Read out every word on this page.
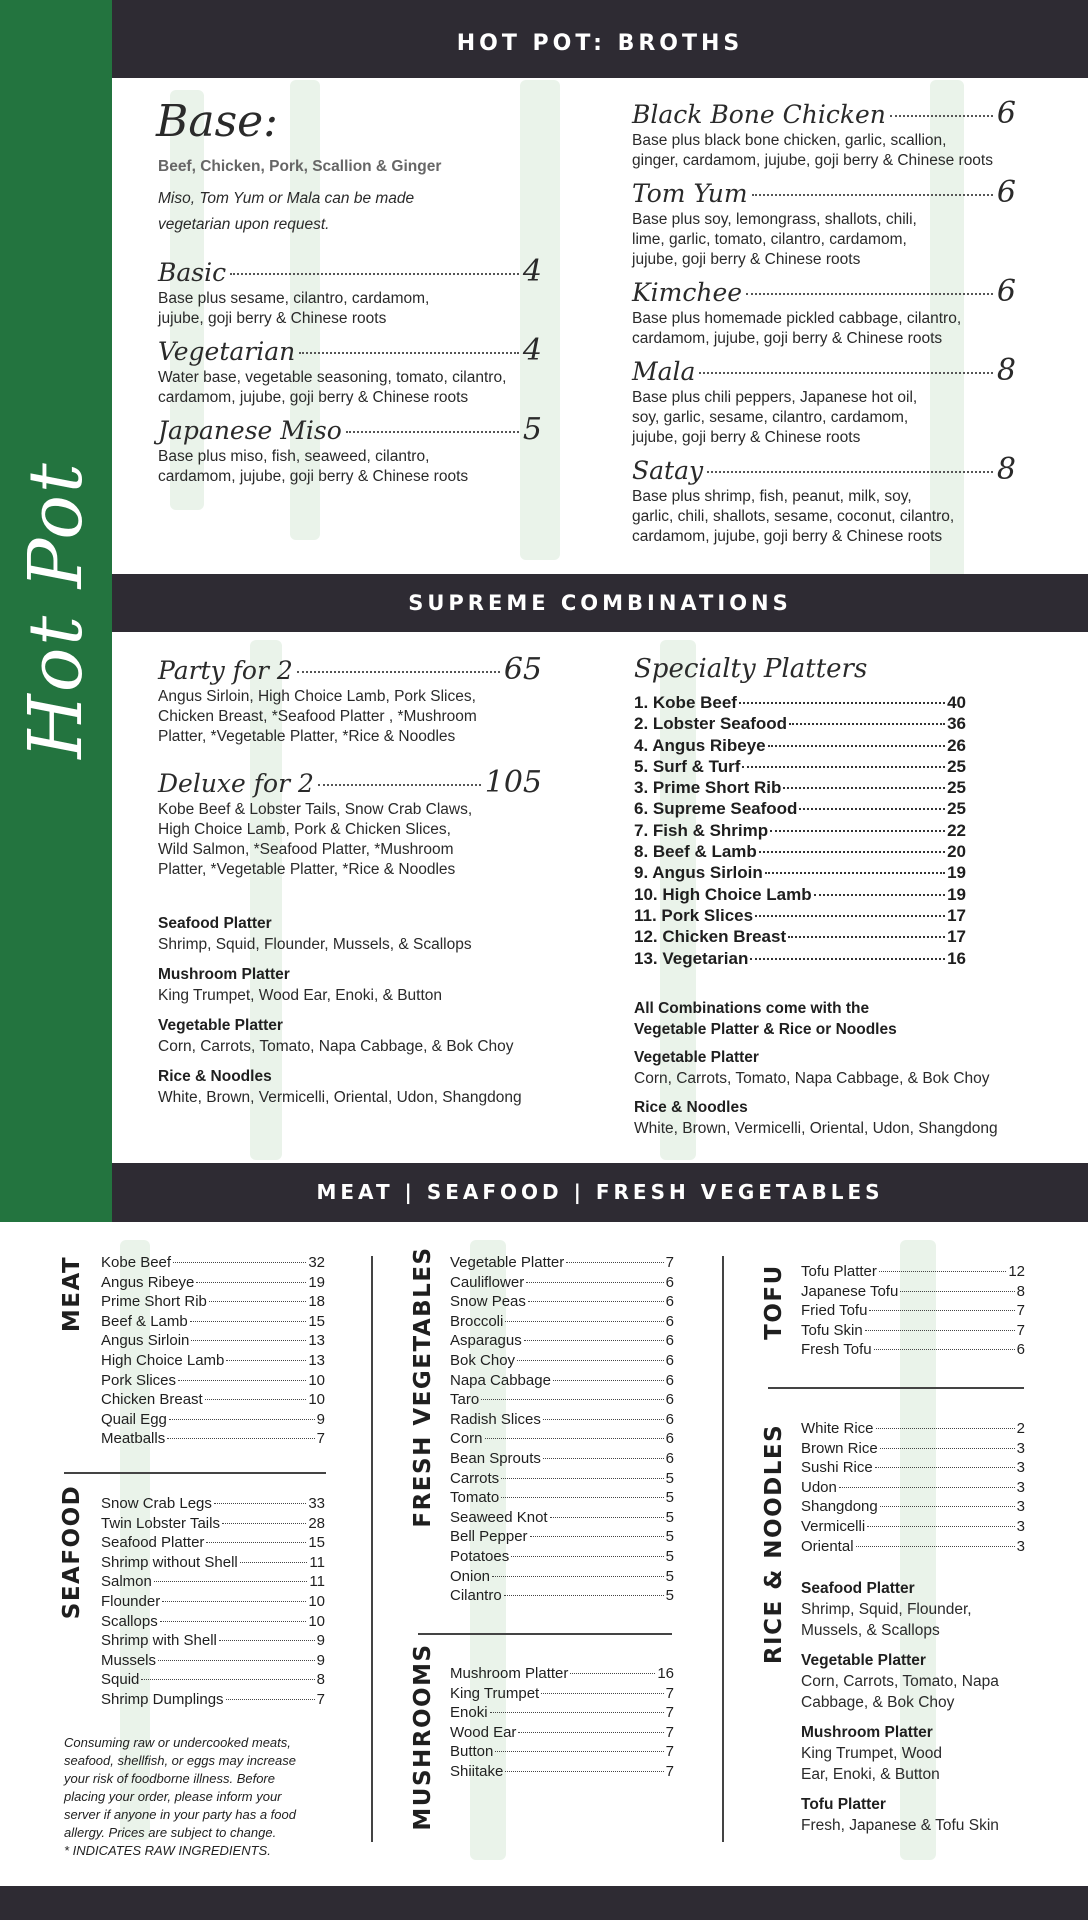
Hot Pot
HOT POT: BROTHS
SUPREME COMBINATIONS
MEAT | SEAFOOD | FRESH VEGETABLES
Base:
Beef, Chicken, Pork, Scallion & Ginger
Miso, Tom Yum or Mala can be made vegetarian upon request.
Basic	4
Base plus sesame, cilantro, cardamom,
jujube, goji berry & Chinese roots
Vegetarian	4
Water base, vegetable seasoning, tomato, cilantro,
cardamom, jujube, goji berry & Chinese roots
Japanese Miso	5
Base plus miso, fish, seaweed, cilantro,
cardamom, jujube, goji berry & Chinese roots
Black Bone Chicken	6
Base plus black bone chicken, garlic, scallion,
ginger, cardamom, jujube, goji berry & Chinese roots
Tom Yum	6
Base plus soy, lemongrass, shallots, chili,
lime, garlic, tomato, cilantro, cardamom,
jujube, goji berry & Chinese roots
Kimchee	6
Base plus homemade pickled cabbage, cilantro,
cardamom, jujube, goji berry & Chinese roots
Mala	8
Base plus chili peppers, Japanese hot oil,
soy, garlic, sesame, cilantro, cardamom,
jujube, goji berry & Chinese roots
Satay	8
Base plus shrimp, fish, peanut, milk, soy,
garlic, chili, shallots, sesame, coconut, cilantro,
cardamom, jujube, goji berry & Chinese roots
Party for 2	65
Angus Sirloin, High Choice Lamb, Pork Slices,
Chicken Breast, *Seafood Platter , *Mushroom
Platter, *Vegetable Platter, *Rice & Noodles
Deluxe for 2	105
Kobe Beef & Lobster Tails, Snow Crab Claws,
High Choice Lamb, Pork & Chicken Slices,
Wild Salmon, *Seafood Platter, *Mushroom
Platter, *Vegetable Platter, *Rice & Noodles
Seafood Platter
Shrimp, Squid, Flounder, Mussels, & Scallops
Mushroom Platter
King Trumpet, Wood Ear, Enoki, & Button
Vegetable Platter
Corn, Carrots, Tomato, Napa Cabbage, & Bok Choy
Rice & Noodles
White, Brown, Vermicelli, Oriental, Udon, Shangdong
Specialty Platters
1. Kobe Beef	40
2. Lobster Seafood	36
4. Angus Ribeye	26
5. Surf & Turf	25
3. Prime Short Rib	25
6. Supreme Seafood	25
7. Fish & Shrimp	22
8. Beef & Lamb	20
9. Angus Sirloin	19
10. High Choice Lamb	19
11. Pork Slices	17
12. Chicken Breast	17
13. Vegetarian	16
All Combinations come with the
Vegetable Platter & Rice or Noodles
Vegetable Platter
Corn, Carrots, Tomato, Napa Cabbage, & Bok Choy
Rice & Noodles
White, Brown, Vermicelli, Oriental, Udon, Shangdong
MEAT Kobe Beef	32
Angus Ribeye	19
Prime Short Rib	18
Beef & Lamb	15
Angus Sirloin	13
High Choice Lamb	13
Pork Slices	10
Chicken Breast	10
Quail Egg	9
Meatballs	7
SEAFOOD Snow Crab Legs	33
Twin Lobster Tails	28
Seafood Platter	15
Shrimp without Shell	11
Salmon	11
Flounder	10
Scallops	10
Shrimp with Shell	9
Mussels	9
Squid	8
Shrimp Dumplings	7
Consuming raw or undercooked meats,
seafood, shellfish, or eggs may increase
your risk of foodborne illness. Before
placing your order, please inform your
server if anyone in your party has a food
allergy. Prices are subject to change.
* INDICATES RAW INGREDIENTS.
FRESH VEGETABLES Vegetable Platter	7
Cauliflower	6
Snow Peas	6
Broccoli	6
Asparagus	6
Bok Choy	6
Napa Cabbage	6
Taro	6
Radish Slices	6
Corn	6
Bean Sprouts	6
Carrots	5
Tomato	5
Seaweed Knot	5
Bell Pepper	5
Potatoes	5
Onion	5
Cilantro	5
MUSHROOMS Mushroom Platter	16
King Trumpet	7
Enoki	7
Wood Ear	7
Button	7
Shiitake	7
TOFU Tofu Platter	12
Japanese Tofu	8
Fried Tofu	7
Tofu Skin	7
Fresh Tofu	6
RICE & NOODLES White Rice	2
Brown Rice	3
Sushi Rice	3
Udon	3
Shangdong	3
Vermicelli	3
Oriental	3
Seafood Platter
Shrimp, Squid, Flounder,
Mussels, & Scallops
Vegetable Platter
Corn, Carrots, Tomato, Napa
Cabbage, & Bok Choy
Mushroom Platter
King Trumpet, Wood
Ear, Enoki, & Button
Tofu Platter
Fresh, Japanese & Tofu Skin
